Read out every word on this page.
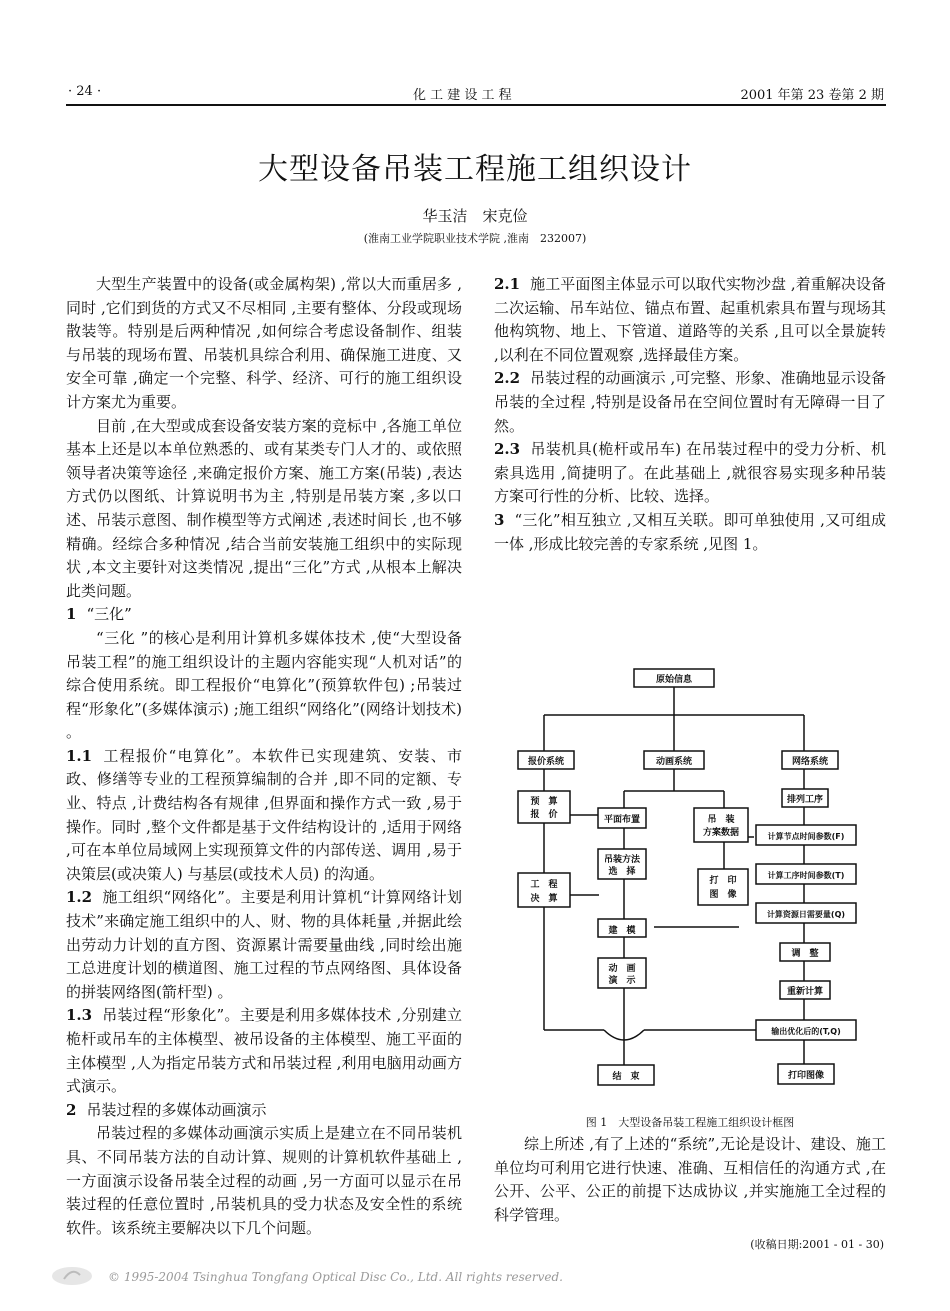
· 24 ·	化 工 建 设 工 程	2001 年第 23 卷第 2 期
大型设备吊装工程施工组织设计
华玉洁　宋克俭
(淮南工业学院职业技术学院 ,淮南　232007)

大型生产装置中的设备(或金属构架) ,常以大而重居多 ,同时 ,它们到货的方式又不尽相同 ,主要有整体、分段或现场散装等。特别是后两种情况 ,如何综合考虑设备制作、组装与吊装的现场布置、吊装机具综合利用、确保施工进度、又安全可靠 ,确定一个完整、科学、经济、可行的施工组织设计方案尤为重要。

目前 ,在大型或成套设备安装方案的竞标中 ,各施工单位基本上还是以本单位熟悉的、或有某类专门人才的、或依照领导者决策等途径 ,来确定报价方案、施工方案(吊装) ,表达方式仍以图纸、计算说明书为主 ,特别是吊装方案 ,多以口述、吊装示意图、制作模型等方式阐述 ,表述时间长 ,也不够精确。经综合多种情况 ,结合当前安装施工组织中的实际现状 ,本文主要针对这类情况 ,提出“三化”方式 ,从根本上解决此类问题。

1 “三化”

“三化 ”的核心是利用计算机多媒体技术 ,使“大型设备吊装工程”的施工组织设计的主题内容能实现“人机对话”的综合使用系统。即工程报价“电算化”(预算软件包) ;吊装过程“形象化”(多媒体演示) ;施工组织“网络化”(网络计划技术) 。

1.1 工程报价“电算化”。本软件已实现建筑、安装、市政、修缮等专业的工程预算编制的合并 ,即不同的定额、专业、特点 ,计费结构各有规律 ,但界面和操作方式一致 ,易于操作。同时 ,整个文件都是基于文件结构设计的 ,适用于网络 ,可在本单位局域网上实现预算文件的内部传送、调用 ,易于决策层(或决策人) 与基层(或技术人员) 的沟通。

1.2 施工组织“网络化”。主要是利用计算机“计算网络计划技术”来确定施工组织中的人、财、物的具体耗量 ,并据此绘出劳动力计划的直方图、资源累计需要量曲线 ,同时绘出施工总进度计划的横道图、施工过程的节点网络图、具体设备的拼装网络图(箭杆型) 。

1.3 吊装过程“形象化”。主要是利用多媒体技术 ,分别建立桅杆或吊车的主体模型、被吊设备的主体模型、施工平面的主体模型 ,人为指定吊装方式和吊装过程 ,利用电脑用动画方式演示。

2 吊装过程的多媒体动画演示

吊装过程的多媒体动画演示实质上是建立在不同吊装机具、不同吊装方法的自动计算、规则的计算机软件基础上 ,一方面演示设备吊装全过程的动画 ,另一方面可以显示在吊装过程的任意位置时 ,吊装机具的受力状态及安全性的系统软件。该系统主要解决以下几个问题。

2.1 施工平面图主体显示可以取代实物沙盘 ,着重解决设备二次运输、吊车站位、锚点布置、起重机索具布置与现场其他构筑物、地上、下管道、道路等的关系 ,且可以全景旋转 ,以利在不同位置观察 ,选择最佳方案。

2.2 吊装过程的动画演示 ,可完整、形象、准确地显示设备吊装的全过程 ,特别是设备吊在空间位置时有无障碍一目了然。

2.3 吊装机具(桅杆或吊车) 在吊装过程中的受力分析、机索具选用 ,简捷明了。在此基础上 ,就很容易实现多种吊装方案可行性的分析、比较、选择。

3 “三化”相互独立 ,又相互关联。即可单独使用 ,又可组成一体 ,形成比较完善的专家系统 ,见图 1。

原始信息
报价系统	动画系统	网络系统
平面布置
建　模
结　束
排列工序
计算节点时间参数(F)
计算工序时间参数(T)
计算资源日需要量(Q)
调　整
重新计算
输出优化后的(T,Q)
打印图像
预　算
报　价
工　程
决　算
吊　装
方案数据
吊装方法
选　择
打　印
图　像
动　画
演　示
图 1　大型设备吊装工程施工组织设计框图

综上所述 ,有了上述的“系统”,无论是设计、建设、施工单位均可利用它进行快速、准确、互相信任的沟通方式 ,在公开、公平、公正的前提下达成协议 ,并实施施工全过程的科学管理。

(收稿日期:2001 - 01 - 30)
© 1995-2004 Tsinghua Tongfang Optical Disc Co., Ltd. All rights reserved.
